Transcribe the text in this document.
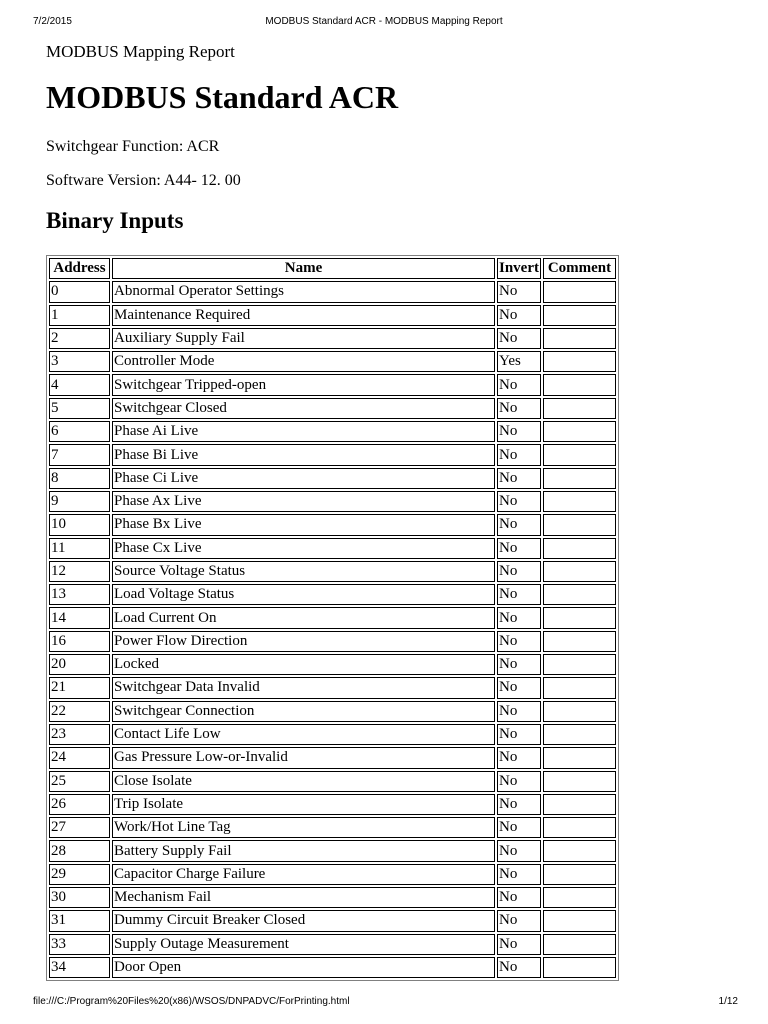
7/2/2015	MODBUS Standard ACR - MODBUS Mapping Report
MODBUS Mapping Report
MODBUS Standard ACR
Switchgear Function: ACR
Software Version: A44- 12. 00
Binary Inputs
Address	Name	Invert	Comment
0	Abnormal Operator Settings	No	
1	Maintenance Required	No	
2	Auxiliary Supply Fail	No	
3	Controller Mode	Yes	
4	Switchgear Tripped-open	No	
5	Switchgear Closed	No	
6	Phase Ai Live	No	
7	Phase Bi Live	No	
8	Phase Ci Live	No	
9	Phase Ax Live	No	
10	Phase Bx Live	No	
11	Phase Cx Live	No	
12	Source Voltage Status	No	
13	Load Voltage Status	No	
14	Load Current On	No	
16	Power Flow Direction	No	
20	Locked	No	
21	Switchgear Data Invalid	No	
22	Switchgear Connection	No	
23	Contact Life Low	No	
24	Gas Pressure Low-or-Invalid	No	
25	Close Isolate	No	
26	Trip Isolate	No	
27	Work/Hot Line Tag	No	
28	Battery Supply Fail	No	
29	Capacitor Charge Failure	No	
30	Mechanism Fail	No	
31	Dummy Circuit Breaker Closed	No	
33	Supply Outage Measurement	No	
34	Door Open	No	
file:///C:/Program%20Files%20(x86)/WSOS/DNPADVC/ForPrinting.html	1/12
